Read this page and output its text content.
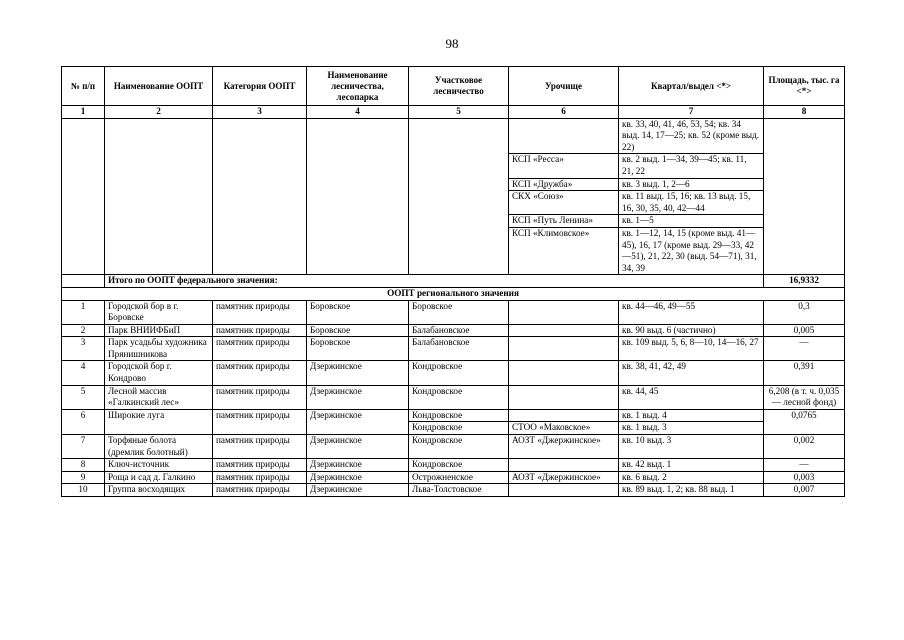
98
№ п/п	Наименование ООПТ	Категория ООПТ	Наименование лесничества, лесопарка	Участковое лесничество	Урочище	Квартал/выдел <*>	Площадь, тыс. га <*>
1	2	3	4	5	6	7	8
						кв. 33, 40, 41, 46, 53, 54; кв. 34 выд. 14, 17—25; кв. 52 (кроме выд. 22)	
					КСП «Ресса»	кв. 2 выд. 1—34, 39—45; кв. 11, 21, 22	
					КСП «Дружба»	кв. 3 выд. 1, 2—6	
					СКХ «Союз»	кв. 11 выд. 15, 16; кв. 13 выд. 15, 16, 30, 35, 40, 42—44	
					КСП «Путь Ленина»	кв. 1—5	
					КСП «Климовское»	кв. 1—12, 14, 15 (кроме выд. 41—45), 16, 17 (кроме выд. 29—33, 42—51), 21, 22, 30 (выд. 54—71), 31, 34, 39	
	Итого по ООПТ федерального значения:						16,9332
ООПТ регионального значения							
1	Городской бор в г. Боровске	памятник природы	Боровское	Боровское		кв. 44—46, 49—55	0,3
2	Парк ВНИИФБиП	памятник природы	Боровское	Балабановское		кв. 90 выд. 6 (частично)	0,005
3	Парк усадьбы художника Прянишникова	памятник природы	Боровское	Балабановское		кв. 109 выд. 5, 6, 8—10, 14—16, 27	—
4	Городской бор г. Кондрово	памятник природы	Дзержинское	Кондровское		кв. 38, 41, 42, 49	0,391
5	Лесной массив «Галкинский лес»	памятник природы	Дзержинское	Кондровское		кв. 44, 45	6,208 (в т. ч. 0,035 — лесной фонд)
6	Широкие луга	памятник природы	Дзержинское	Кондровское		кв. 1 выд. 4	0,0765
				Кондровское	СТОО «Маковское»	кв. 1 выд. 3	
7	Торфяные болота (дремлик болотный)	памятник природы	Дзержинское	Кондровское	АОЗТ «Джержинское»	кв. 10 выд. 3	0,002
8	Ключ-источник	памятник природы	Дзержинское	Кондровское		кв. 42 выд. 1	—
9	Роща и сад д. Галкино	памятник природы	Дзержинское	Острожненское	АОЗТ «Джержинское»	кв. 6 выд. 2	0,003
10	Группа восходящих	памятник природы	Дзержинское	Льва-Толстовское		кв. 89 выд. 1, 2; кв. 88 выд. 1	0,007
